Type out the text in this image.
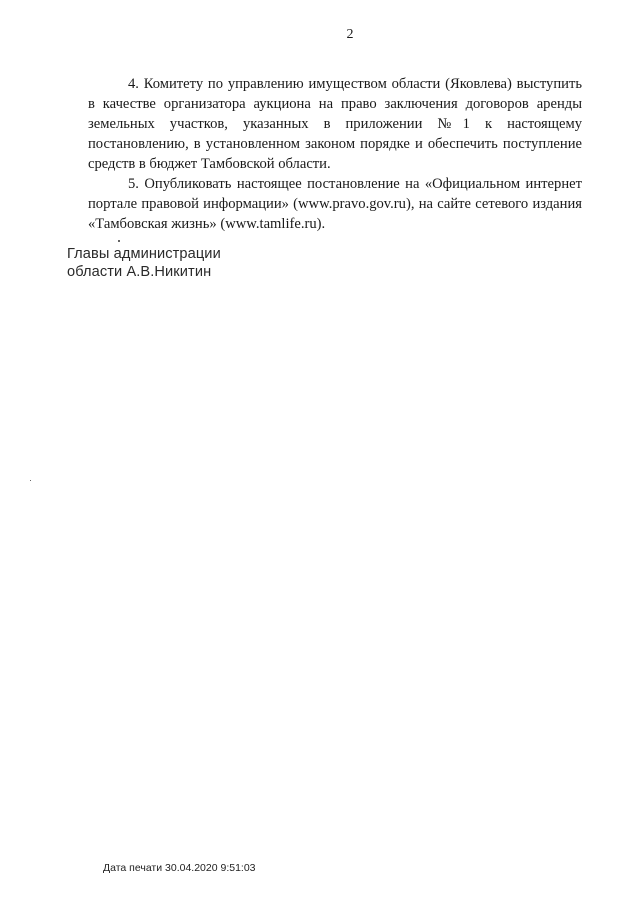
2

4. Комитету по управлению имуществом области (Яковлева) выступить в качестве организатора аукциона на право заключения договоров аренды земельных участков, указанных в приложении №1 к настоящему постановлению, в установленном законом порядке и обеспечить поступление средств в бюджет Тамбовской области.

5. Опубликовать настоящее постановление на «Официальном интернет портале правовой информации» (www.pravo.gov.ru), на сайте сетевого издания «Тамбовская жизнь» (www.tamlife.ru).

Главы администрации
области А.В.Никитин
Дата печати 30.04.2020 9:51:03
